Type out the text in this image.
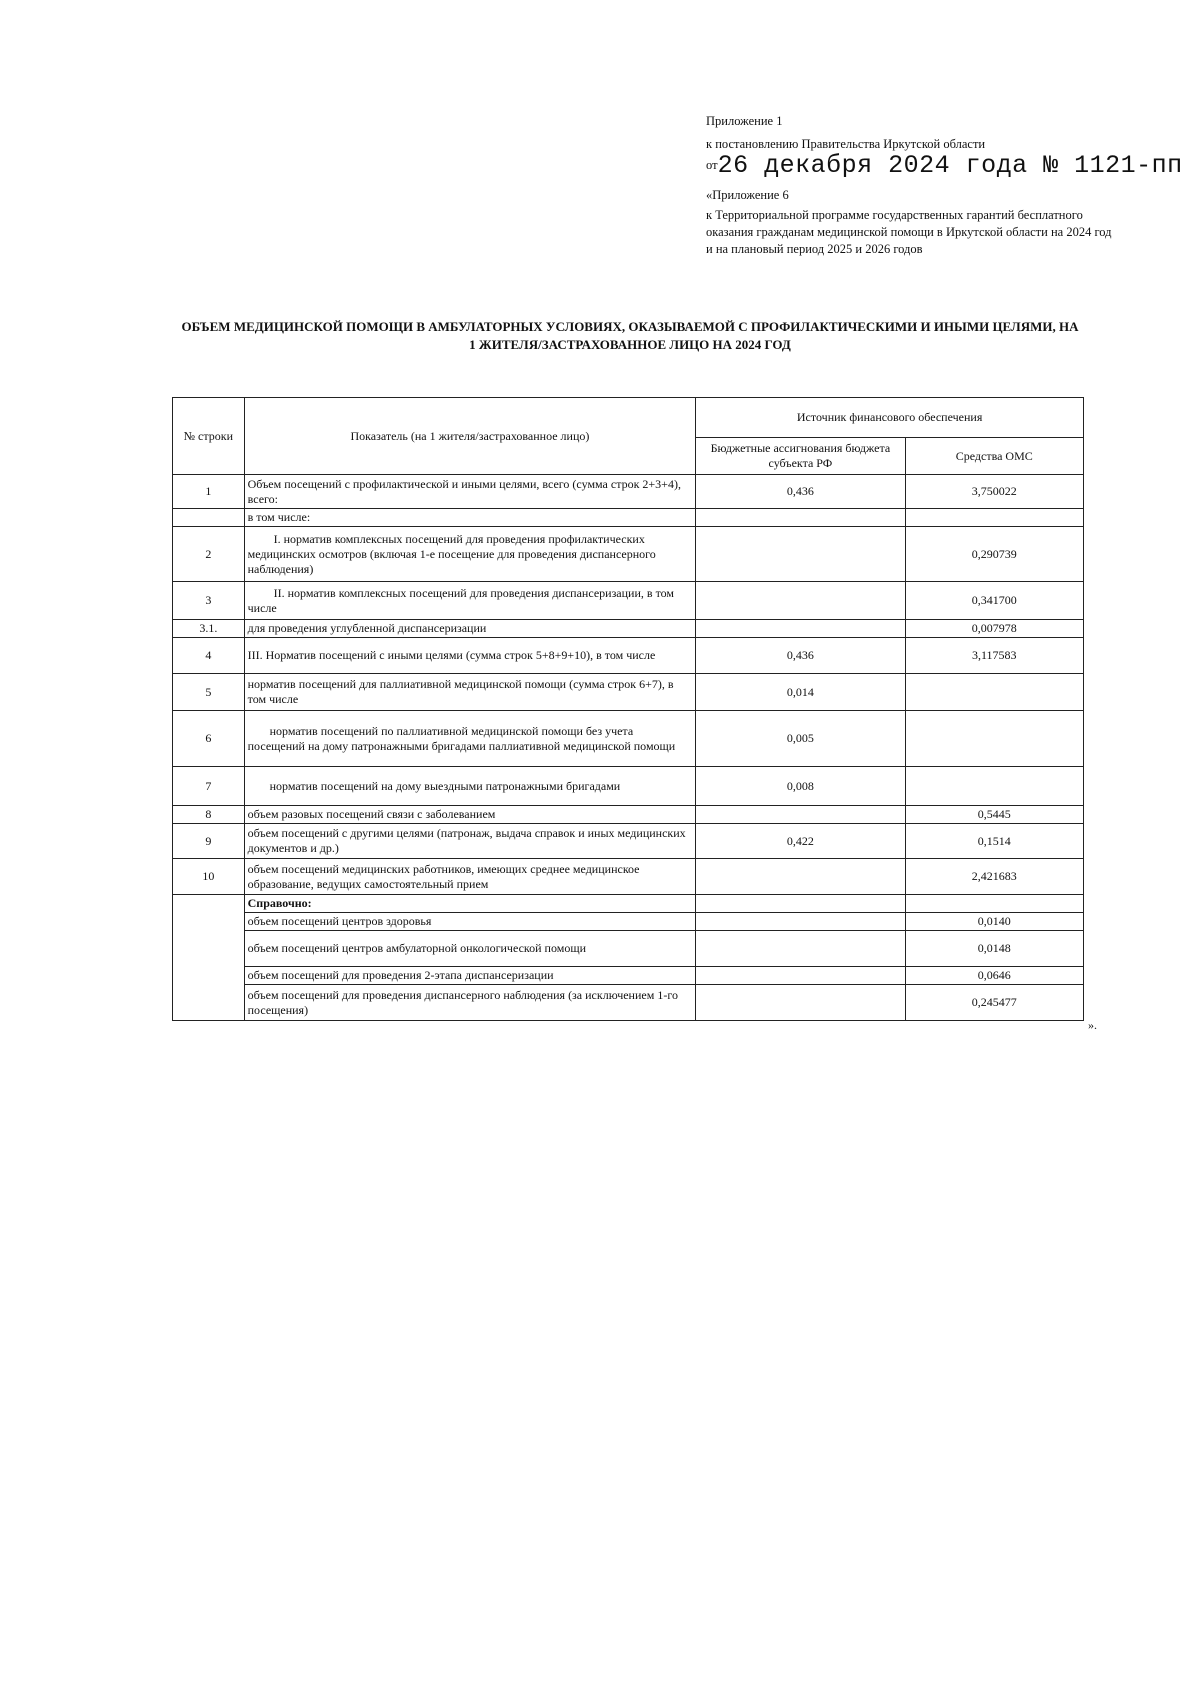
Приложение 1
к постановлению Правительства Иркутской области
от26 декабря 2024 года № 1121-пп
«Приложение 6
к Территориальной программе государственных гарантий бесплатного оказания гражданам медицинской помощи в Иркутской области на 2024 год и на плановый период 2025 и 2026 годов
ОБЪЕМ МЕДИЦИНСКОЙ ПОМОЩИ В АМБУЛАТОРНЫХ УСЛОВИЯХ, ОКАЗЫВАЕМОЙ С ПРОФИЛАКТИЧЕСКИМИ И ИНЫМИ ЦЕЛЯМИ, НА 1 ЖИТЕЛЯ/ЗАСТРАХОВАННОЕ ЛИЦО НА 2024 ГОД
№ строки	Показатель (на 1 жителя/застрахованное лицо)	Источник финансового обеспечения	
		Бюджетные ассигнования бюджета субъекта РФ	Средства ОМС
1	Объем посещений с профилактической и иными целями, всего (сумма строк 2+3+4), всего:	0,436	3,750022
	в том числе:		
2	I. норматив комплексных посещений для проведения профилактических медицинских осмотров (включая 1-е посещение для проведения диспансерного наблюдения)		0,290739
3	II. норматив комплексных посещений для проведения диспансеризации, в том числе		0,341700
3.1.	для проведения углубленной диспансеризации		0,007978
4	III. Норматив посещений с иными целями (сумма строк 5+8+9+10), в том числе	0,436	3,117583
5	норматив посещений для паллиативной медицинской помощи (сумма строк 6+7), в том числе	0,014	
6	норматив посещений по паллиативной медицинской помощи без учета посещений на дому патронажными бригадами паллиативной медицинской помощи	0,005	
7	норматив посещений на дому выездными патронажными бригадами	0,008	
8	объем разовых посещений связи с заболеванием		0,5445
9	объем посещений с другими целями (патронаж, выдача справок и иных медицинских документов и др.)	0,422	0,1514
10	объем посещений медицинских работников, имеющих среднее медицинское образование, ведущих самостоятельный прием		2,421683
	Справочно:		
	объем посещений центров здоровья		0,0140
	объем посещений центров амбулаторной онкологической помощи		0,0148
	объем посещений для проведения 2-этапа диспансеризации		0,0646
	объем посещений для проведения диспансерного наблюдения (за исключением 1-го посещения)		0,245477
».
